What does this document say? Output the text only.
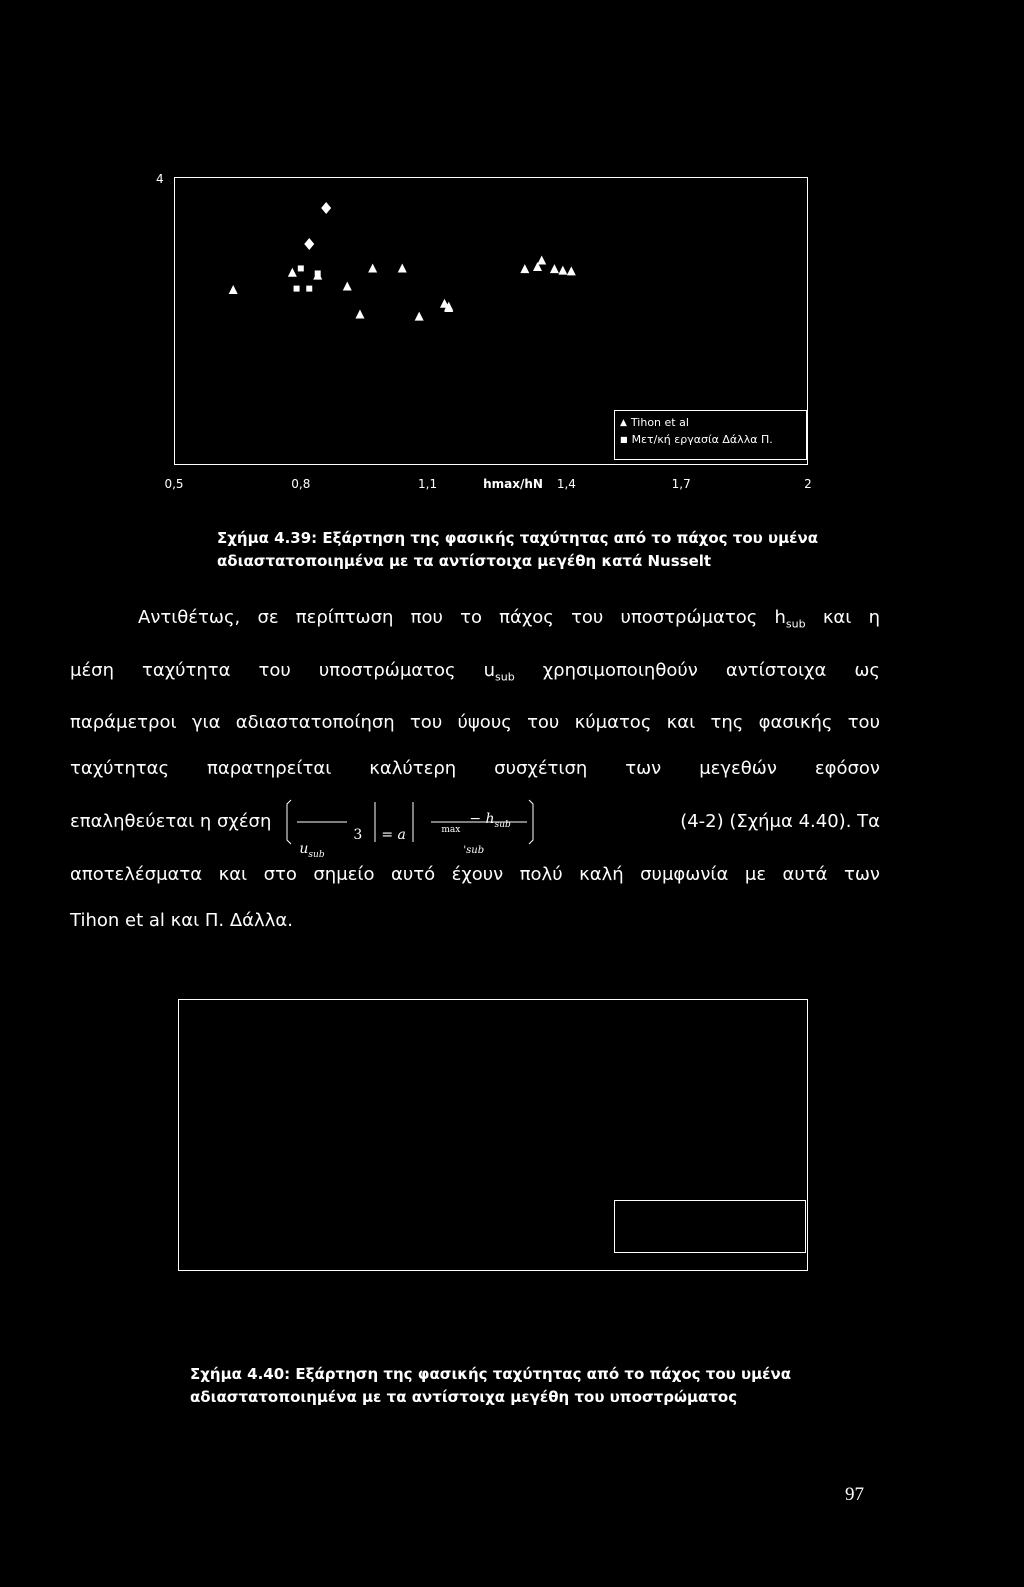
4
▲ Tihon et al
■ Μετ/κή εργασία Δάλλα Π.
0,5	0,8	1,1	1,4	1,7	2
hmax/hN
Σχήμα 4.39: Εξάρτηση της φασικής ταχύτητας από το πάχος του υμένα
αδιαστατοποιημένα με τα αντίστοιχα μεγέθη κατά Nusselt
Αντιθέτως, σε περίπτωση που το πάχος του υποστρώματος $h_{sub}$ και η
μέση ταχύτητα του υποστρώματος $u_{sub}$ χρησιμοποιηθούν αντίστοιχα ως
παράμετροι για αδιαστατοποίηση του ύψους του κύματος και της φασικής του
ταχύτητας παρατηρείται καλύτερη συσχέτιση των μεγεθών εφόσον
επαληθεύεται η σχέση
3 = a
$u_{sub}$
max
− $h_{sub}$
'sub
(4-2) (Σχήμα 4.40). Τα
αποτελέσματα και στο σημείο αυτό έχουν πολύ καλή συμφωνία με αυτά των
Tihon et al και Π. Δάλλα.
Σχήμα 4.40: Εξάρτηση της φασικής ταχύτητας από το πάχος του υμένα
αδιαστατοποιημένα με τα αντίστοιχα μεγέθη του υποστρώματος
97
